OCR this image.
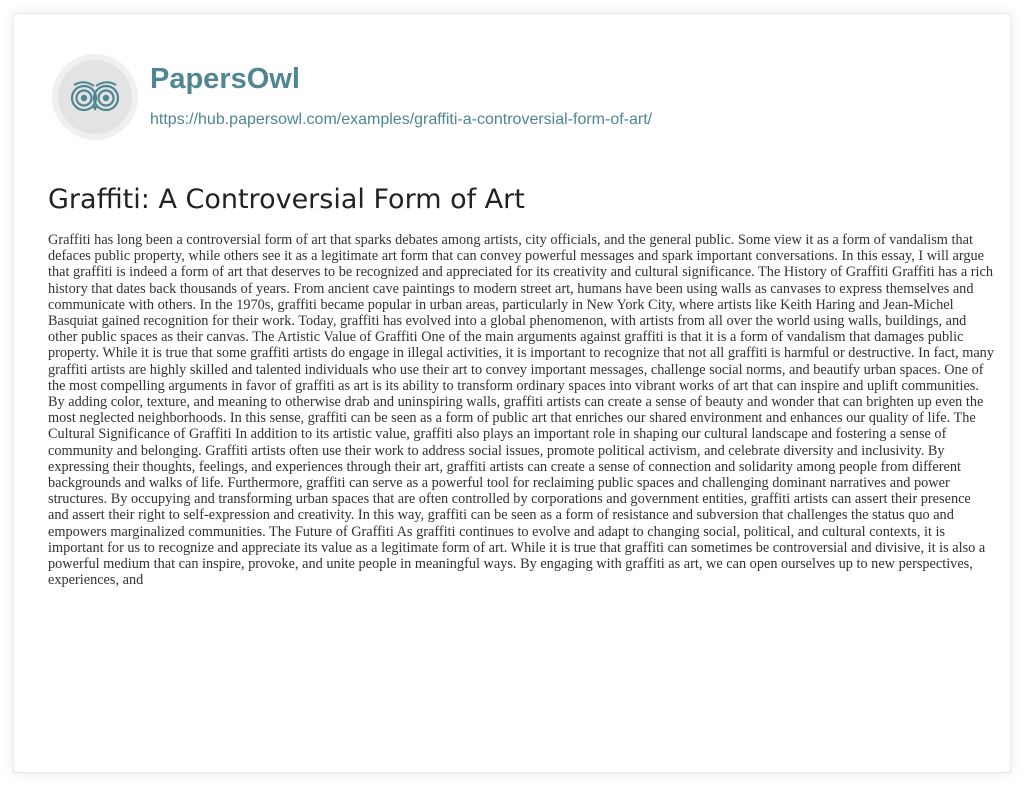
PapersOwl
https://hub.papersowl.com/examples/graffiti-a-controversial-form-of-art/
Graffiti: A Controversial Form of Art

Graffiti has long been a controversial form of art that sparks debates among artists, city officials, and the general public. Some view it as a form of vandalism that defaces public property, while others see it as a legitimate art form that can convey powerful messages and spark important conversations. In this essay, I will argue that graffiti is indeed a form of art that deserves to be recognized and appreciated for its creativity and cultural significance. The History of Graffiti Graffiti has a rich history that dates back thousands of years. From ancient cave paintings to modern street art, humans have been using walls as canvases to express themselves and communicate with others. In the 1970s, graffiti became popular in urban areas, particularly in New York City, where artists like Keith Haring and Jean-Michel Basquiat gained recognition for their work. Today, graffiti has evolved into a global phenomenon, with artists from all over the world using walls, buildings, and other public spaces as their canvas. The Artistic Value of Graffiti One of the main arguments against graffiti is that it is a form of vandalism that damages public property. While it is true that some graffiti artists do engage in illegal activities, it is important to recognize that not all graffiti is harmful or destructive. In fact, many graffiti artists are highly skilled and talented individuals who use their art to convey important messages, challenge social norms, and beautify urban spaces. One of the most compelling arguments in favor of graffiti as art is its ability to transform ordinary spaces into vibrant works of art that can inspire and uplift communities. By adding color, texture, and meaning to otherwise drab and uninspiring walls, graffiti artists can create a sense of beauty and wonder that can brighten up even the most neglected neighborhoods. In this sense, graffiti can be seen as a form of public art that enriches our shared environment and enhances our quality of life. The Cultural Significance of Graffiti In addition to its artistic value, graffiti also plays an important role in shaping our cultural landscape and fostering a sense of community and belonging. Graffiti artists often use their work to address social issues, promote political activism, and celebrate diversity and inclusivity. By expressing their thoughts, feelings, and experiences through their art, graffiti artists can create a sense of connection and solidarity among people from different backgrounds and walks of life. Furthermore, graffiti can serve as a powerful tool for reclaiming public spaces and challenging dominant narratives and power structures. By occupying and transforming urban spaces that are often controlled by corporations and government entities, graffiti artists can assert their presence and assert their right to self-expression and creativity. In this way, graffiti can be seen as a form of resistance and subversion that challenges the status quo and empowers marginalized communities. The Future of Graffiti As graffiti continues to evolve and adapt to changing social, political, and cultural contexts, it is important for us to recognize and appreciate its value as a legitimate form of art. While it is true that graffiti can sometimes be controversial and divisive, it is also a powerful medium that can inspire, provoke, and unite people in meaningful ways. By engaging with graffiti as art, we can open ourselves up to new perspectives, experiences, and
